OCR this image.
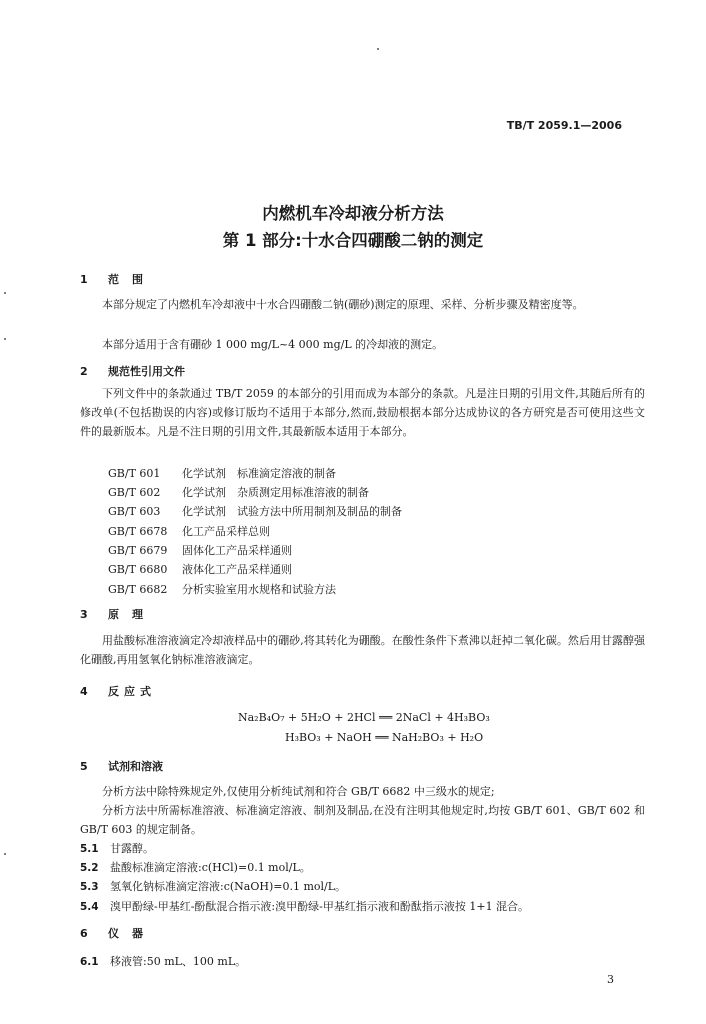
TB/T 2059.1—2006
内燃机车冷却液分析方法
第 1 部分:十水合四硼酸二钠的测定
1 范围
本部分规定了内燃机车冷却液中十水合四硼酸二钠(硼砂)测定的原理、采样、分析步骤及精密度等。
本部分适用于含有硼砂 1 000 mg/L~4 000 mg/L 的冷却液的测定。
2 规范性引用文件
下列文件中的条款通过 TB/T 2059 的本部分的引用而成为本部分的条款。凡是注日期的引用文件,其随后所有的修改单(不包括勘误的内容)或修订版均不适用于本部分,然而,鼓励根据本部分达成协议的各方研究是否可使用这些文件的最新版本。凡是不注日期的引用文件,其最新版本适用于本部分。
GB/T 601 化学试剂　标准滴定溶液的制备
GB/T 602 化学试剂　杂质测定用标准溶液的制备
GB/T 603 化学试剂　试验方法中所用制剂及制品的制备
GB/T 6678 化工产品采样总则
GB/T 6679 固体化工产品采样通则
GB/T 6680 液体化工产品采样通则
GB/T 6682 分析实验室用水规格和试验方法
3 原理
用盐酸标准溶液滴定冷却液样品中的硼砂,将其转化为硼酸。在酸性条件下煮沸以赶掉二氧化碳。然后用甘露醇强化硼酸,再用氢氧化钠标准溶液滴定。
4 反应式
Na₂B₄O₇ + 5H₂O + 2HCl ══ 2NaCl + 4H₃BO₃
H₃BO₃ + NaOH ══ NaH₂BO₃ + H₂O
5 试剂和溶液
分析方法中除特殊规定外,仅使用分析纯试剂和符合 GB/T 6682 中三级水的规定;
分析方法中所需标准溶液、标准滴定溶液、制剂及制品,在没有注明其他规定时,均按 GB/T 601、GB/T 602 和 GB/T 603 的规定制备。
5.1 甘露醇。
5.2 盐酸标准滴定溶液:c(HCl)=0.1 mol/L。
5.3 氢氧化钠标准滴定溶液:c(NaOH)=0.1 mol/L。
5.4 溴甲酚绿-甲基红-酚酞混合指示液:溴甲酚绿-甲基红指示液和酚酞指示液按 1+1 混合。
6 仪器
6.1 移液管:50 mL、100 mL。
3
